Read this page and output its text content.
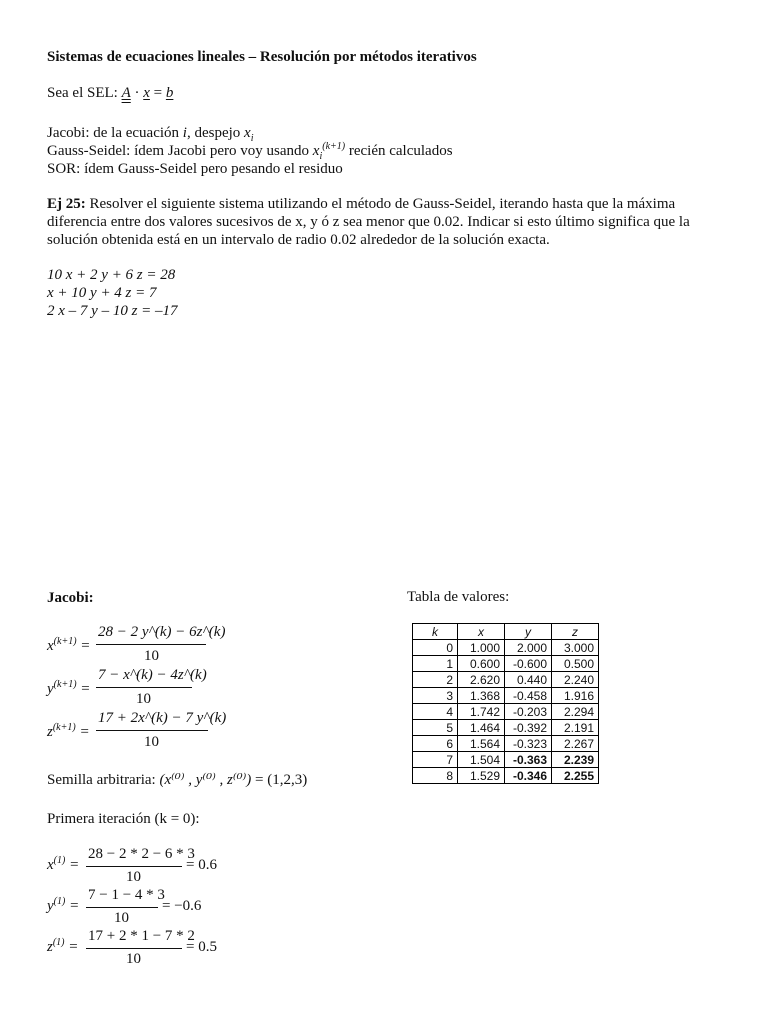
Sistemas de ecuaciones lineales – Resolución por métodos iterativos
Sea el SEL: A · x = b
Jacobi: de la ecuación i, despejo $x_i$
Gauss-Seidel: ídem Jacobi pero voy usando $x_i^{(k+1)}$ recién calculados
SOR: ídem Gauss-Seidel pero pesando el residuo
Ej 25: Resolver el siguiente sistema utilizando el método de Gauss-Seidel, iterando hasta que la máxima diferencia entre dos valores sucesivos de x, y ó z sea menor que 0.02. Indicar si esto último significa que la solución obtenida está en un intervalo de radio 0.02 alrededor de la solución exacta.
10 x + 2 y + 6 z = 28
x + 10 y + 4 z = 7
2 x – 7 y – 10 z = –17
Jacobi:
$x^{(k+1)}$ =
28 − 2 y^(k) − 6z^(k)
10
$y^{(k+1)}$ =
7 − x^(k) − 4z^(k)
10
$z^{(k+1)}$ =
17 + 2x^(k) − 7 y^(k)
10
Semilla arbitraria: (x⁽⁰⁾ , y⁽⁰⁾ , z⁽⁰⁾) = (1,2,3)
Primera iteración (k = 0):
$x^{(1)}$ =
28 − 2 * 2 − 6 * 3
10
= 0.6
$y^{(1)}$ =
7 − 1 − 4 * 3
10
= −0.6
$z^{(1)}$ =
17 + 2 * 1 − 7 * 2
10
= 0.5
Tabla de valores:
k	x	y	z
0	1.000	2.000	3.000
1	0.600	-0.600	0.500
2	2.620	0.440	2.240
3	1.368	-0.458	1.916
4	1.742	-0.203	2.294
5	1.464	-0.392	2.191
6	1.564	-0.323	2.267
7	1.504	-0.363	2.239
8	1.529	-0.346	2.255
